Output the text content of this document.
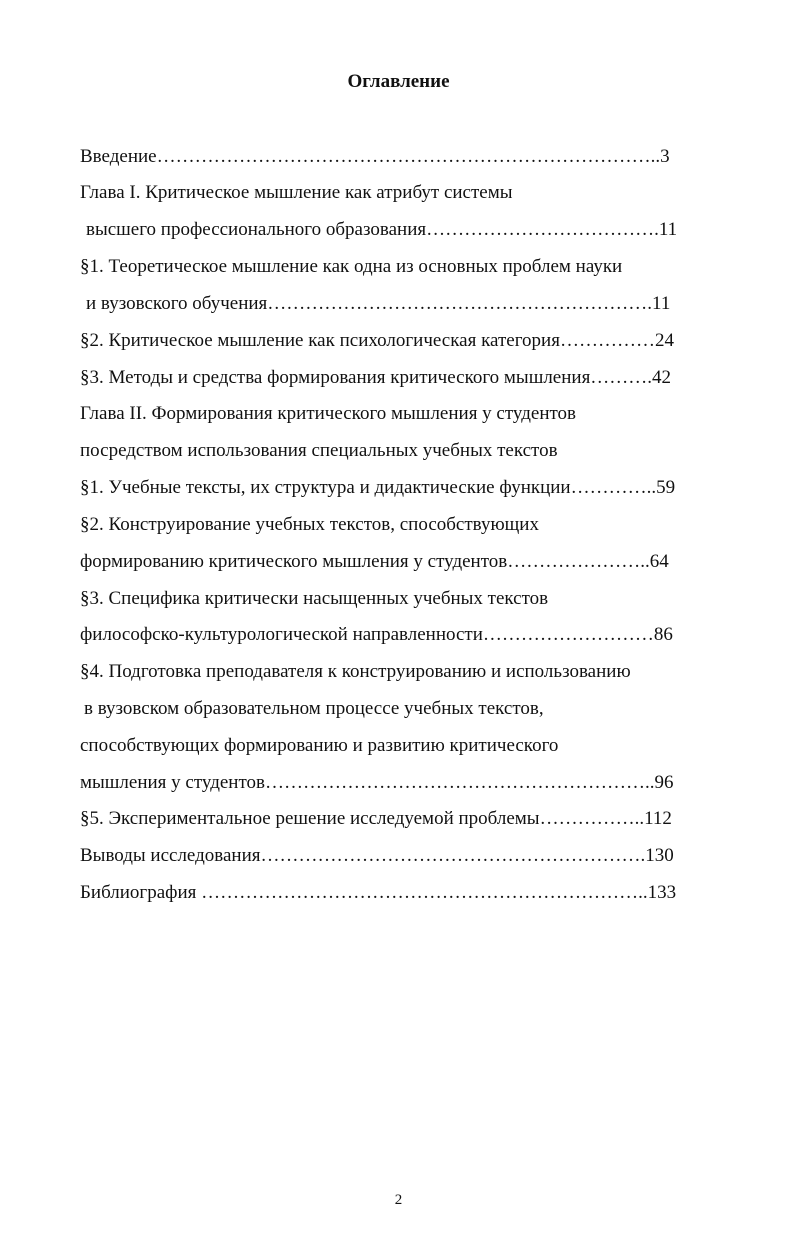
Оглавление
Введение……………………………………………………………………..3
Глава I. Критическое мышление как атрибут системы
высшего профессионального образования……………………………….11
§1. Теоретическое мышление как одна из основных проблем науки
и вузовского обучения…………………………………………………….11
§2. Критическое мышление как психологическая категория……………24
§3. Методы и средства формирования критического мышления……….42
Глава II. Формирования критического мышления у студентов
посредством использования специальных учебных текстов
§1. Учебные тексты, их структура и дидактические функции…………..59
§2. Конструирование учебных текстов, способствующих
формированию критического мышления у студентов…………………..64
§3. Специфика критически насыщенных учебных текстов
философско-культурологической направленности………………………86
§4. Подготовка преподавателя к конструированию и использованию
в вузовском образовательном процессе учебных текстов,
способствующих формированию и развитию критического
мышления у студентов……………………………………………………..96
§5. Экспериментальное решение исследуемой проблемы……………..112
Выводы исследования…………………………………………………….130
Библиография ……………………………………………………………..133
2
